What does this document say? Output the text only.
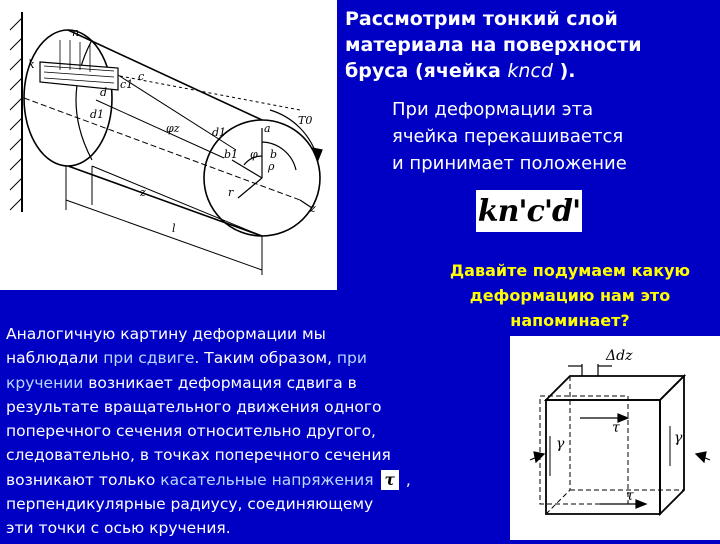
n
k
c1
c
d
d1
φz	d1	a
b1	b
φ
ρ
r
z
z
l
T0

Рассмотрим тонкий слой
материала на поверхности
бруса (ячейка kncd ).

При деформации эта
ячейка перекашивается
и принимает положение

kn'c'd'

Давайте подумаем какую
деформацию нам это
напоминает?

Аналогичную картину деформации мы
наблюдали при сдвиге. Таким образом, при
кручении возникает деформация сдвига в
результате вращательного движения одного
поперечного сечения относительно другого,
следовательно, в точках поперечного сечения
возникают только касательные напряжения τ ,
перпендикулярные радиусу, соединяющему
эти точки с осью кручения.

Δdz
τ
τ
γ	γ
